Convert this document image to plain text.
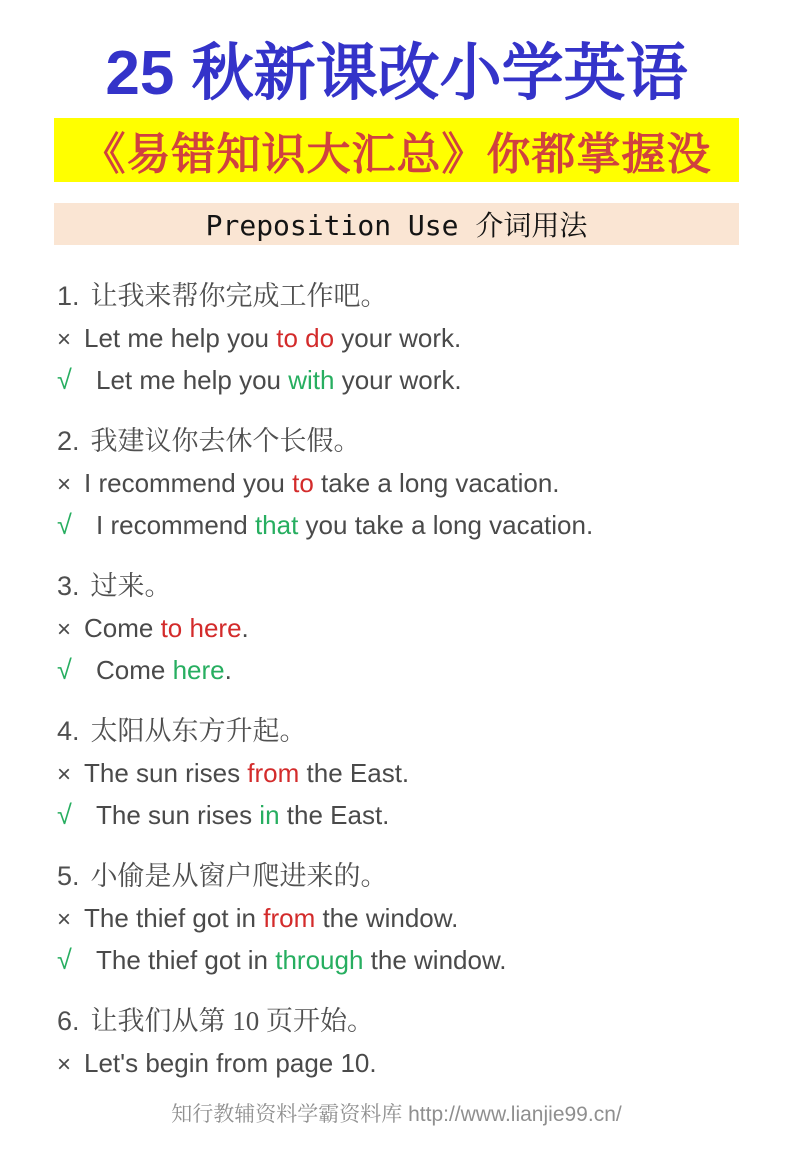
25 秋新课改小学英语
《易错知识大汇总》你都掌握没
Preposition Use 介词用法
1. 让我来帮你完成工作吧。
× Let me help you to do your work.
√ Let me help you with your work.
2. 我建议你去休个长假。
× I recommend you to take a long vacation.
√ I recommend that you take a long vacation.
3. 过来。
× Come to here.
√ Come here.
4. 太阳从东方升起。
× The sun rises from the East.
√ The sun rises in the East.
5. 小偷是从窗户爬进来的。
× The thief got in from the window.
√ The thief got in through the window.
6. 让我们从第 10 页开始。
× Let's begin from page 10.
知行教辅资料学霸资料库 http://www.lianjie99.cn/
